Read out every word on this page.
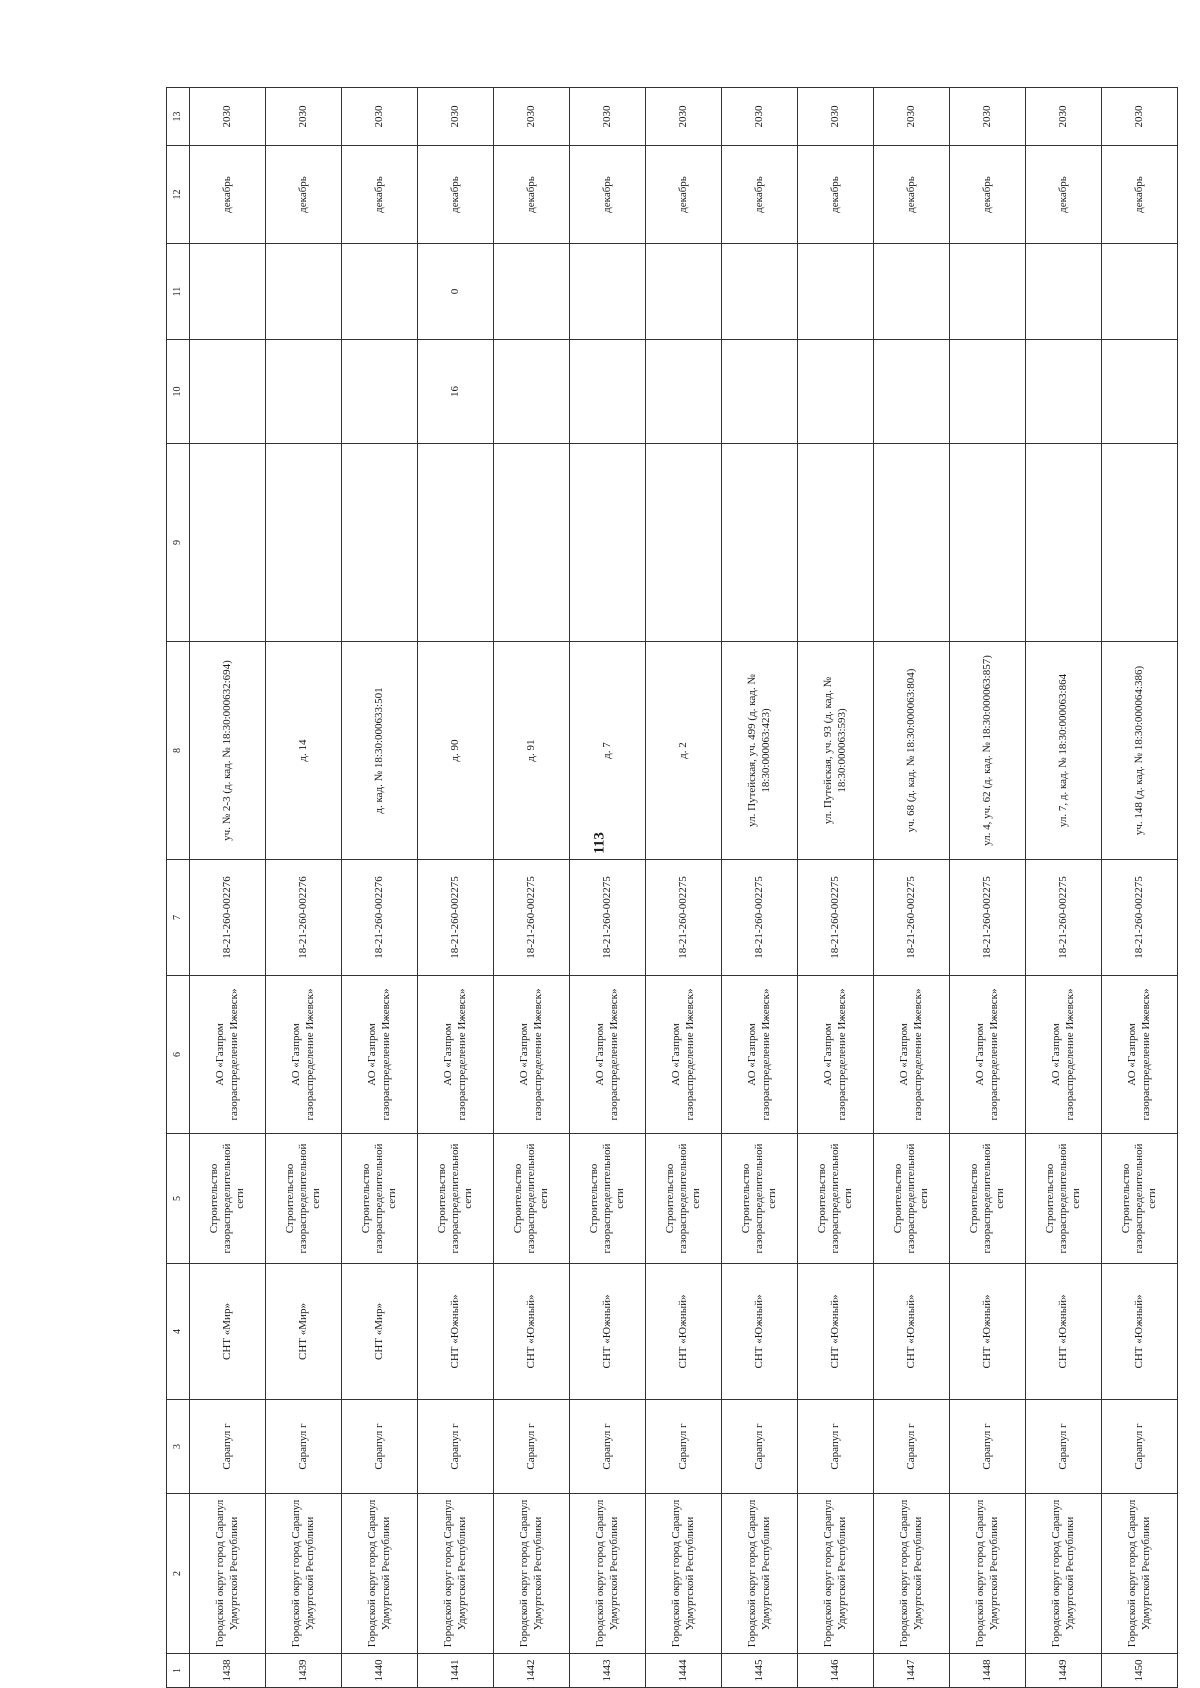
113
1	2	3	4	5	6	7	8	9	10	11	12	13
1438	Городской округ город Сарапул Удмуртской Республики	Сарапул г	СНТ «Мир»	Строительство газораспределительной сети	АО «Газпром газораспределение Ижевск»	18-21-260-002276	уч. № 2-3 (д. кад. № 18:30:000632:694)				декабрь	2030
1439	Городской округ город Сарапул Удмуртской Республики	Сарапул г	СНТ «Мир»	Строительство газораспределительной сети	АО «Газпром газораспределение Ижевск»	18-21-260-002276	д. 14				декабрь	2030
1440	Городской округ город Сарапул Удмуртской Республики	Сарапул г	СНТ «Мир»	Строительство газораспределительной сети	АО «Газпром газораспределение Ижевск»	18-21-260-002276	д. кад. № 18:30:000633:501				декабрь	2030
1441	Городской округ город Сарапул Удмуртской Республики	Сарапул г	СНТ «Южный»	Строительство газораспределительной сети	АО «Газпром газораспределение Ижевск»	18-21-260-002275	д. 90		16	0	декабрь	2030
1442	Городской округ город Сарапул Удмуртской Республики	Сарапул г	СНТ «Южный»	Строительство газораспределительной сети	АО «Газпром газораспределение Ижевск»	18-21-260-002275	д. 91				декабрь	2030
1443	Городской округ город Сарапул Удмуртской Республики	Сарапул г	СНТ «Южный»	Строительство газораспределительной сети	АО «Газпром газораспределение Ижевск»	18-21-260-002275	д. 7				декабрь	2030
1444	Городской округ город Сарапул Удмуртской Республики	Сарапул г	СНТ «Южный»	Строительство газораспределительной сети	АО «Газпром газораспределение Ижевск»	18-21-260-002275	д. 2				декабрь	2030
1445	Городской округ город Сарапул Удмуртской Республики	Сарапул г	СНТ «Южный»	Строительство газораспределительной сети	АО «Газпром газораспределение Ижевск»	18-21-260-002275	ул. Путейская, уч. 499 (д. кад. № 18:30:000063:423)				декабрь	2030
1446	Городской округ город Сарапул Удмуртской Республики	Сарапул г	СНТ «Южный»	Строительство газораспределительной сети	АО «Газпром газораспределение Ижевск»	18-21-260-002275	ул. Путейская, уч. 93 (д. кад. № 18:30:000063:593)				декабрь	2030
1447	Городской округ город Сарапул Удмуртской Республики	Сарапул г	СНТ «Южный»	Строительство газораспределительной сети	АО «Газпром газораспределение Ижевск»	18-21-260-002275	уч. 68 (д. кад. № 18:30:000063:804)				декабрь	2030
1448	Городской округ город Сарапул Удмуртской Республики	Сарапул г	СНТ «Южный»	Строительство газораспределительной сети	АО «Газпром газораспределение Ижевск»	18-21-260-002275	ул. 4, уч. 62 (д. кад. № 18:30:000063:857)				декабрь	2030
1449	Городской округ город Сарапул Удмуртской Республики	Сарапул г	СНТ «Южный»	Строительство газораспределительной сети	АО «Газпром газораспределение Ижевск»	18-21-260-002275	ул. 7, д. кад. № 18:30:000063:864				декабрь	2030
1450	Городской округ город Сарапул Удмуртской Республики	Сарапул г	СНТ «Южный»	Строительство газораспределительной сети	АО «Газпром газораспределение Ижевск»	18-21-260-002275	уч. 148 (д. кад. № 18:30:000064:386)				декабрь	2030
